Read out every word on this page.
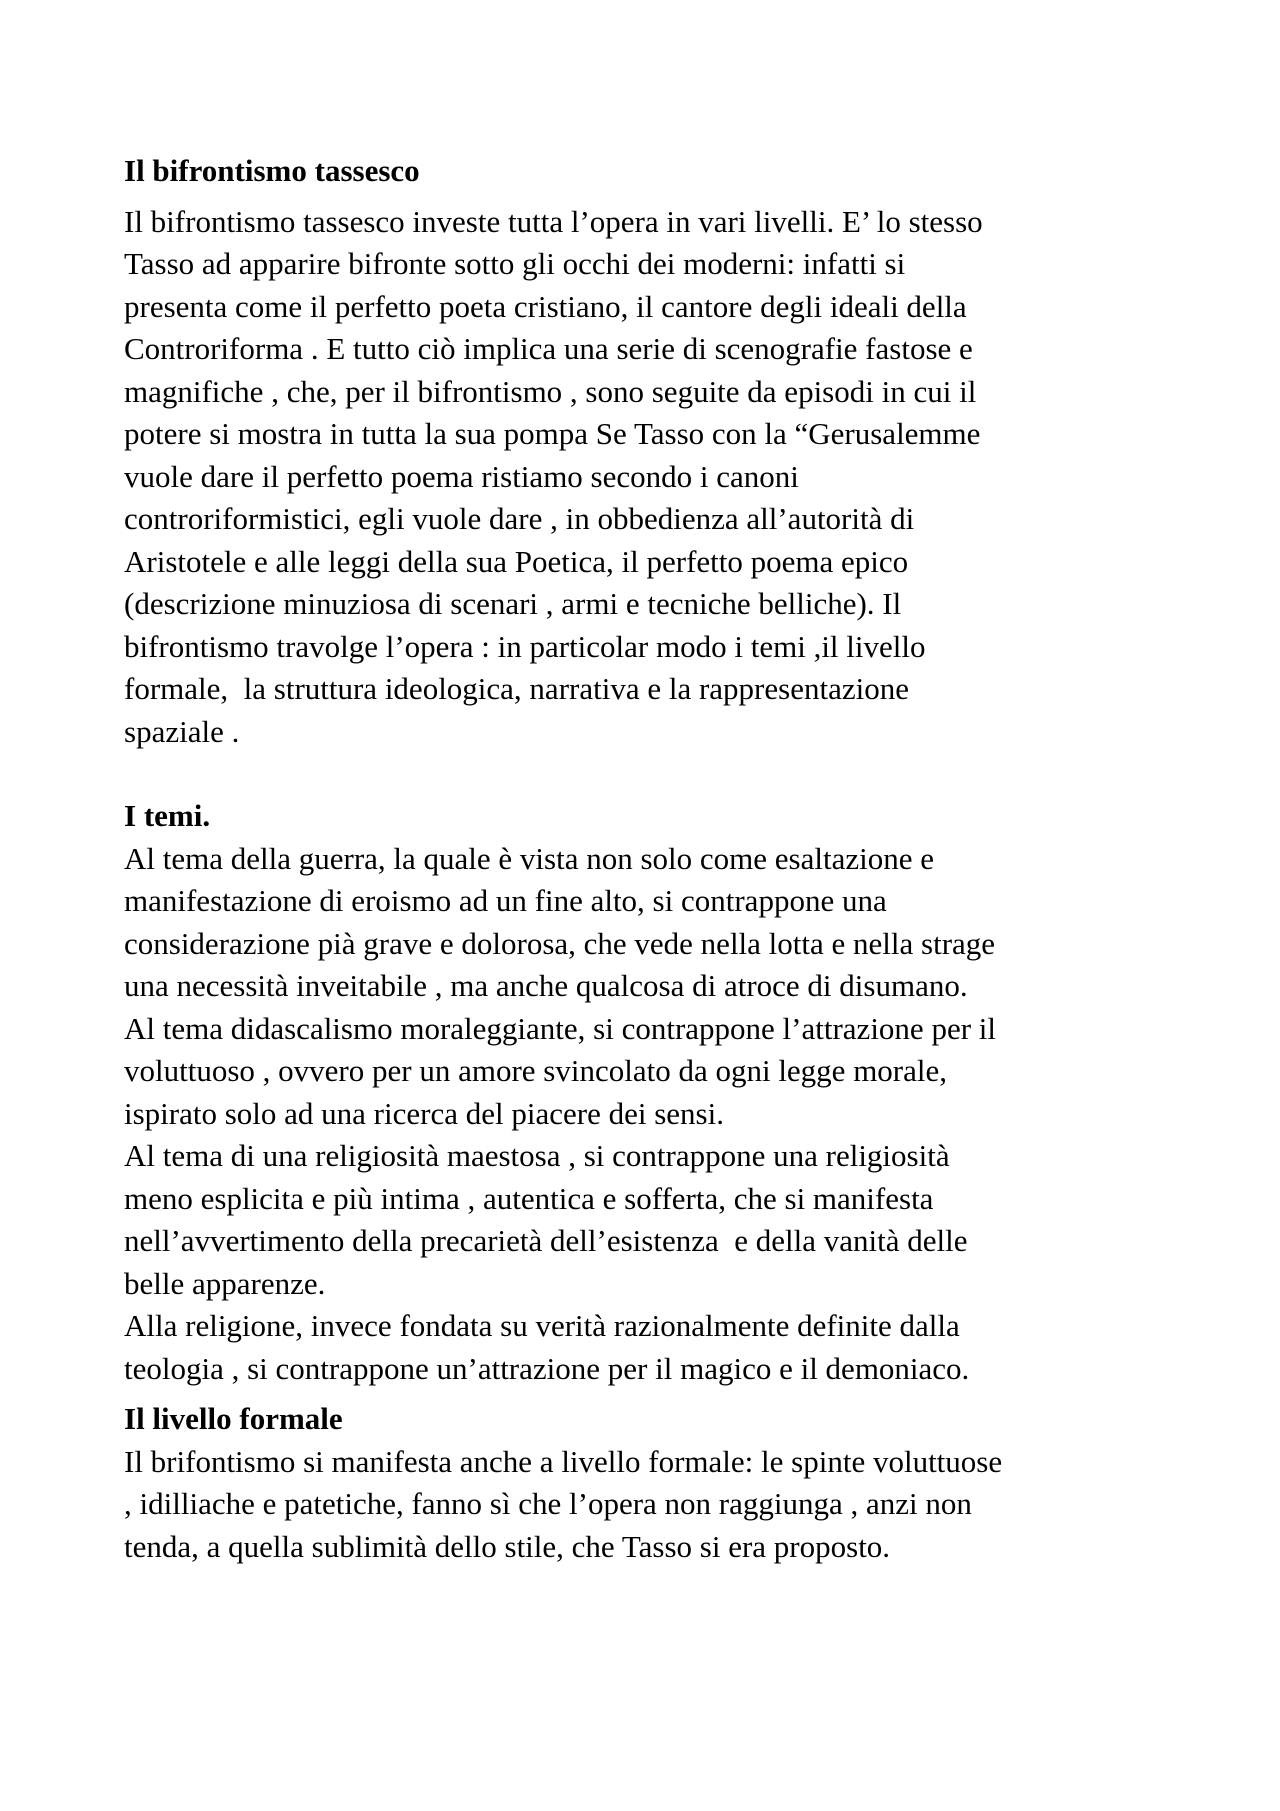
Il bifrontismo tassesco
Il bifrontismo tassesco investe tutta l’opera in vari livelli. E’ lo stesso
Tasso ad apparire bifronte sotto gli occhi dei moderni: infatti si
presenta come il perfetto poeta cristiano, il cantore degli ideali della
Controriforma . E tutto ciò implica una serie di scenografie fastose e
magnifiche , che, per il bifrontismo , sono seguite da episodi in cui il
potere si mostra in tutta la sua pompa Se Tasso con la “Gerusalemme
vuole dare il perfetto poema ristiamo secondo i canoni
controriformistici, egli vuole dare , in obbedienza all’autorità di
Aristotele e alle leggi della sua Poetica, il perfetto poema epico
(descrizione minuziosa di scenari , armi e tecniche belliche). Il
bifrontismo travolge l’opera : in particolar modo i temi ,il livello
formale,  la struttura ideologica, narrativa e la rappresentazione
spaziale .
I temi.
Al tema della guerra, la quale è vista non solo come esaltazione e
manifestazione di eroismo ad un fine alto, si contrappone una
considerazione pià grave e dolorosa, che vede nella lotta e nella strage
una necessità inveitabile , ma anche qualcosa di atroce di disumano.
Al tema didascalismo moraleggiante, si contrappone l’attrazione per il
voluttuoso , ovvero per un amore svincolato da ogni legge morale,
ispirato solo ad una ricerca del piacere dei sensi.
Al tema di una religiosità maestosa , si contrappone una religiosità
meno esplicita e più intima , autentica e sofferta, che si manifesta
nell’avvertimento della precarietà dell’esistenza  e della vanità delle
belle apparenze.
Alla religione, invece fondata su verità razionalmente definite dalla
teologia , si contrappone un’attrazione per il magico e il demoniaco.
Il livello formale
Il brifontismo si manifesta anche a livello formale: le spinte voluttuose
, idilliache e patetiche, fanno sì che l’opera non raggiunga , anzi non
tenda, a quella sublimità dello stile, che Tasso si era proposto.
